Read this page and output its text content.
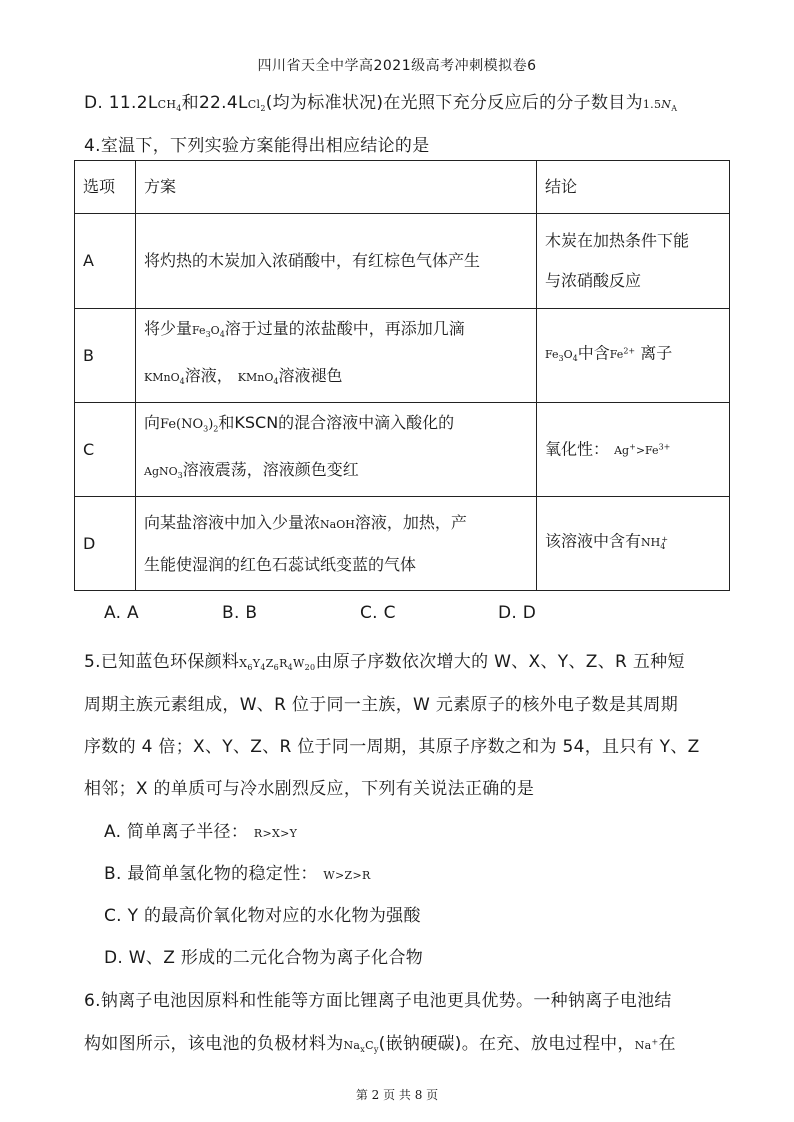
四川省天全中学高2021级高考冲刺模拟卷6
D. $11.2LCH_4$和22.4LCl$_2$(均为标准状况)在光照下充分反应后的分子数目为$1.5N_A$
4.室温下，下列实验方案能得出相应结论的是
选项	方案	结论
A	将灼热的木炭加入浓硝酸中，有红棕色气体产生	木炭在加热条件下能
与浓硝酸反应

B	将少量$Fe_3O_4$溶于过量的浓盐酸中，再添加几滴
KMnO$_4$溶液， KMnO$_4$溶液褪色	$Fe_3O_4$中含$Fe^{2+}$ 离子
C	向$Fe(NO_3)_2$和KSCN的混合溶液中滴入酸化的
AgNO$_3$溶液震荡，溶液颜色变红	氧化性： $Ag^+>Fe^{3+}$
D	向某盐溶液中加入少量浓NaOH溶液，加热，产
生能使湿润的红色石蕊试纸变蓝的气体	该溶液中含有$NH_4^+$
A. A	B. B	C. C	D. D
5.已知蓝色环保颜料$X_6Y_4Z_6R_4W_{20}$由原子序数依次增大的 W、X、Y、Z、R 五种短
周期主族元素组成，W、R 位于同一主族，W 元素原子的核外电子数是其周期
序数的 4 倍；X、Y、Z、R 位于同一周期，其原子序数之和为 54，且只有 Y、Z
相邻；X 的单质可与冷水剧烈反应，下列有关说法正确的是
A. 简单离子半径： R>X>Y
B. 最简单氢化物的稳定性： W>Z>R
C. Y 的最高价氧化物对应的水化物为强酸
D. W、Z 形成的二元化合物为离子化合物
6.钠离子电池因原料和性能等方面比锂离子电池更具优势。一种钠离子电池结
构如图所示，该电池的负极材料为$Na_xC_y$(嵌钠硬碳)。在充、放电过程中，Na+在
第 2 页 共 8 页
